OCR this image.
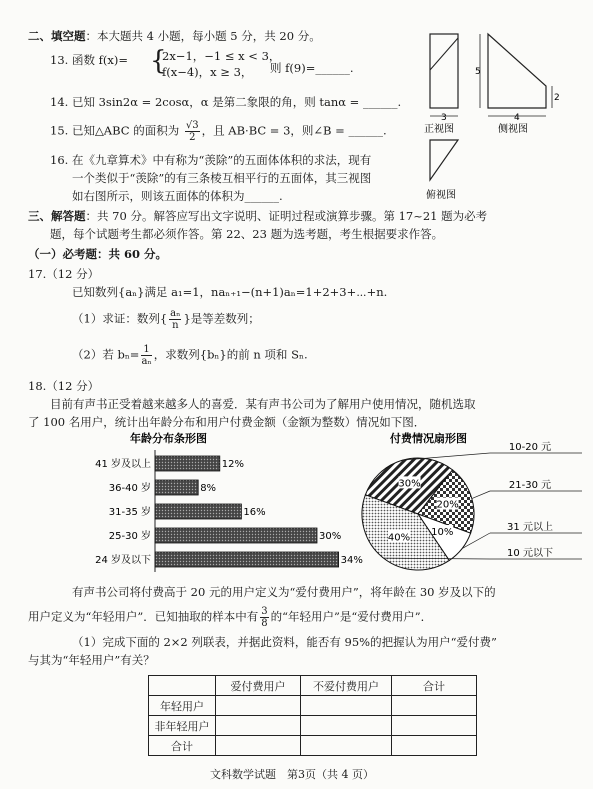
二、填空题：本大题共 4 小题，每小题 5 分，共 20 分。
13. 函数 f(x)= {
2x−1，−1 ≤ x < 3，
f(x−4)，x ≥ 3， 则 f(9)=______.
14. 已知 3sin2α = 2cosα，α 是第二象限的角，则 tanα = ______.
15. 已知△ABC 的面积为 $\frac{√3}{2}$ ，且 AB·BC = 3，则∠B = ______.
16. 在《九章算术》中有称为“羡除”的五面体体积的求法，现有
一个类似于“羡除”的有三条棱互相平行的五面体，其三视图
如右图所示，则该五面体的体积为______.
3
正视图
5
4
2
侧视图
俯视图
三、解答题：共 70 分。解答应写出文字说明、证明过程或演算步骤。第 17~21 题为必考
题，每个试题考生都必须作答。第 22、23 题为选考题，考生根据要求作答。
（一）必考题：共 60 分。
17.（12 分）
已知数列{aₙ}满足 a₁=1，naₙ₊₁−(n+1)aₙ=1+2+3+⋯+n.
（1）求证：数列{ $\frac{\text{aₙ}}{n}$ }是等差数列；
（2）若 $b_n= \frac{1}{\text{aₙ}}$ ，求数列{bₙ}的前 n 项和 Sₙ.
18.（12 分）
目前有声书正受着越来越多人的喜爱．某有声书公司为了解用户使用情况，随机选取
了 100 名用户，统计出年龄分布和用户付费金额（金额为整数）情况如下图．
年龄分布条形图
41 岁及以上	12%
36-40 岁	8%
31-35 岁	16%
25-30 岁	30%
24 岁及以下	34%
付费情况扇形图
30%
10-20 元
20%
21-30 元
10%	31 元以上
40%
10 元以下
有声书公司将付费高于 20 元的用户定义为“爱付费用户”，将年龄在 30 岁及以下的
用户定义为“年轻用户”．已知抽取的样本中有 $\frac{3}{8}$ 的“年轻用户”是“爱付费用户”．
（1）完成下面的 2×2 列联表，并据此资料，能否有 95%的把握认为用户“爱付费”
与其为“年轻用户”有关？
	爱付费用户	不爱付费用户	合计
年轻用户			
非年轻用户			
合计			
文科数学试题　第3页（共 4 页）
